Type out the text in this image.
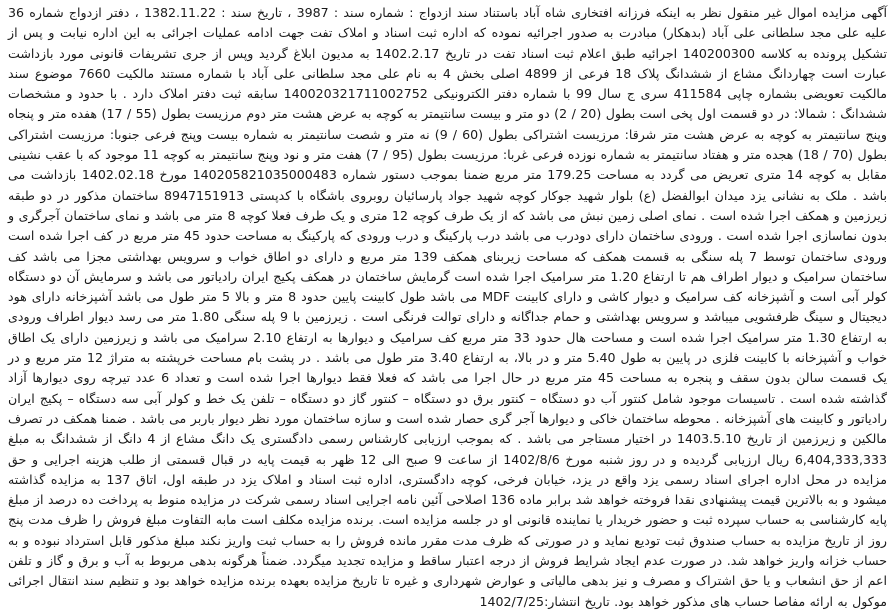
آگهی مزایده اموال غیر منقول نظر به اینکه فرزانه افتخاری شاه آباد باستناد سند ازدواج : شماره سند : 3987 ، تاریخ سند : 1382.11.22 ، دفتر ازدواج شماره 36 علیه علی مجد سلطانی علی آباد (بدهکار) مبادرت به صدور اجرائیه نموده که اداره ثبت اسناد و املاک تفت جهت ادامه عملیات اجرائی به این اداره نیابت و پس از تشکیل پرونده به کلاسه 140200300 اجرائیه طبق اعلام ثبت اسناد تفت در تاریخ 1402.2.17 به مدیون ابلاغ گردید وپس از جری تشریفات قانونی مورد بازداشت عبارت است چهاردانگ مشاع از ششدانگ پلاک 18 فرعی از 4899 اصلی بخش 4 به نام علی مجد سلطانی علی آباد با شماره مستند مالکیت 7660 موضوع سند مالکیت تعویضی بشماره چاپی 411584 سری ج سال 99 با شماره دفتر الکترونیکی 140020321711002752 سابقه ثبت دفتر املاک دارد . با حدود و مشخصات ششدانگ : شمالا: در دو قسمت اول پخی است بطول (20 / 2) دو متر و بیست سانتیمتر به کوچه به عرض هشت متر دوم مرزیست بطول (55 / 17) هفده متر و پنجاه وپنج سانتیمتر به کوچه به عرض هشت متر شرقا: مرزیست اشتراکی بطول (60 / 9) نه متر و شصت سانتیمتر به شماره بیست وپنج فرعی جنوبا: مرزیست اشتراکی بطول (70 / 18) هجده متر و هفتاد سانتیمتر به شماره نوزده فرعی غربا: مرزیست بطول (95 / 7) هفت متر و نود وپنج سانتیمتر به کوچه 11 موجود که با عقب نشینی مقابل به کوچه 14 متری تعریض می گردد به مساحت 179.25 متر مربع ضمنا بموجب دستور شماره 140205821035000483 مورخ 1402.02.18 بازداشت می باشد . ملک به نشانی یزد میدان ابوالفضل (ع) بلوار شهید جوکار کوچه شهید جواد پارسائیان روبروی باشگاه با کدپستی 8947151913 ساختمان مذکور در دو طبقه زیرزمین و همکف اجرا شده است . نمای اصلی زمین نبش می باشد که از یک طرف کوچه 12 متری و یک طرف فعلا کوچه 8 متر می باشد و نمای ساختمان آجرگری و بدون نماسازی اجرا شده است . ورودی ساختمان دارای دودرب می باشد درب پارکینگ و درب ورودی که پارکینگ به مساحت حدود 45 متر مربع در کف اجرا شده است ورودی ساختمان توسط 7 پله سنگی به قسمت همکف که مساحت زیربنای همکف 139 متر مربع و دارای دو اطاق خواب و سرویس بهداشتی مجزا می باشد کف ساختمان سرامیک و دیوار اطراف هم تا ارتفاع 1.20 متر سرامیک اجرا شده است گرمایش ساختمان در همکف پکیج ایران رادیاتور می باشد و سرمایش آن دو دستگاه کولر آبی است و آشپزخانه کف سرامیک و دیوار کاشی و دارای کابینت MDF می باشد طول کابینت پایین حدود 8 متر و بالا 5 متر طول می باشد آشپزخانه دارای هود دیجیتال و سینگ ظرفشویی میباشد و سرویس بهداشتی و حمام جداگانه و دارای توالت فرنگی است . زیرزمین با 9 پله سنگی 1.80 متر می رسد دیوار اطراف ورودی به ارتفاع 1.30 متر سرامیک اجرا شده است و مساحت هال حدود 33 متر مربع کف سرامیک و دیوارها به ارتفاع 2.10 سرامیک می باشد و زیرزمین دارای یک اطاق خواب و آشپزخانه با کابینت فلزی در پایین به طول 5.40 متر و در بالا، به ارتفاع 3.40 متر طول می باشد . در پشت بام مساحت خرپشته به متراژ 12 متر مربع و در یک قسمت سالن بدون سقف و پنجره به مساحت 45 متر مربع در حال اجرا می باشد که فعلا فقط دیوارها اجرا شده است و تعداد 6 عدد تیرچه روی دیوارها آزاد گذاشته شده است . تاسیسات موجود شامل کنتور آب دو دستگاه – کنتور برق دو دستگاه – کنتور گاز دو دستگاه – تلفن یک خط و کولر آبی سه دستگاه – پکیج ایران رادیاتور و کابینت های آشپزخانه . محوطه ساختمان خاکی و دیوارها آجر گری حصار شده است و سازه ساختمان مورد نظر دیوار باربر می باشد . ضمنا همکف در تصرف مالکین و زیرزمین از تاریخ 1403.5.10 در اختیار مستاجر می باشد . که بموجب ارزیابی کارشناس رسمی دادگستری یک دانگ مشاع از 4 دانگ از ششدانگ به مبلغ 6,404,333,333 ریال ارزیابی گردیده و در روز شنبه مورخ 1402/8/6 از ساعت 9 صبح الی 12 ظهر به قیمت پایه در قبال قسمتی از طلب هزینه اجرایی و حق مزایده در محل اداره اجرای اسناد رسمی یزد واقع در یزد، خیابان فرخی، کوچه دادگستری، اداره ثبت اسناد و املاک یزد در طبقه اول، اتاق 137 به مزایده گذاشته میشود و به بالاترین قیمت پیشنهادی نقدا فروخته خواهد شد برابر ماده 136 اصلاحی آئین نامه اجرایی اسناد رسمی شرکت در مزایده منوط به پرداخت ده درصد از مبلغ پایه کارشناسی به حساب سپرده ثبت و حضور خریدار یا نماینده قانونی او در جلسه مزایده است. برنده مزایده مکلف است مابه التفاوت مبلغ فروش را ظرف مدت پنج روز از تاریخ مزایده به حساب صندوق ثبت تودیع نماید و در صورتی که ظرف مدت مقرر مانده فروش را به حساب ثبت واریز نکند مبلغ مذکور قابل استرداد نبوده و به حساب خزانه واریز خواهد شد. در صورت عدم ایجاد شرایط فروش از درجه اعتبار ساقط و مزایده تجدید میگردد. ضمناً هرگونه بدهی مربوط به آب و برق و گاز و تلفن اعم از حق انشعاب و یا حق اشتراک و مصرف و نیز بدهی مالیاتی و عوارض شهرداری و غیره تا تاریخ مزایده بعهده برنده مزایده خواهد بود و تنظیم سند انتقال اجرائی موکول به ارائه مفاصا حساب های مذکور خواهد بود. تاریخ انتشار:1402/7/25
